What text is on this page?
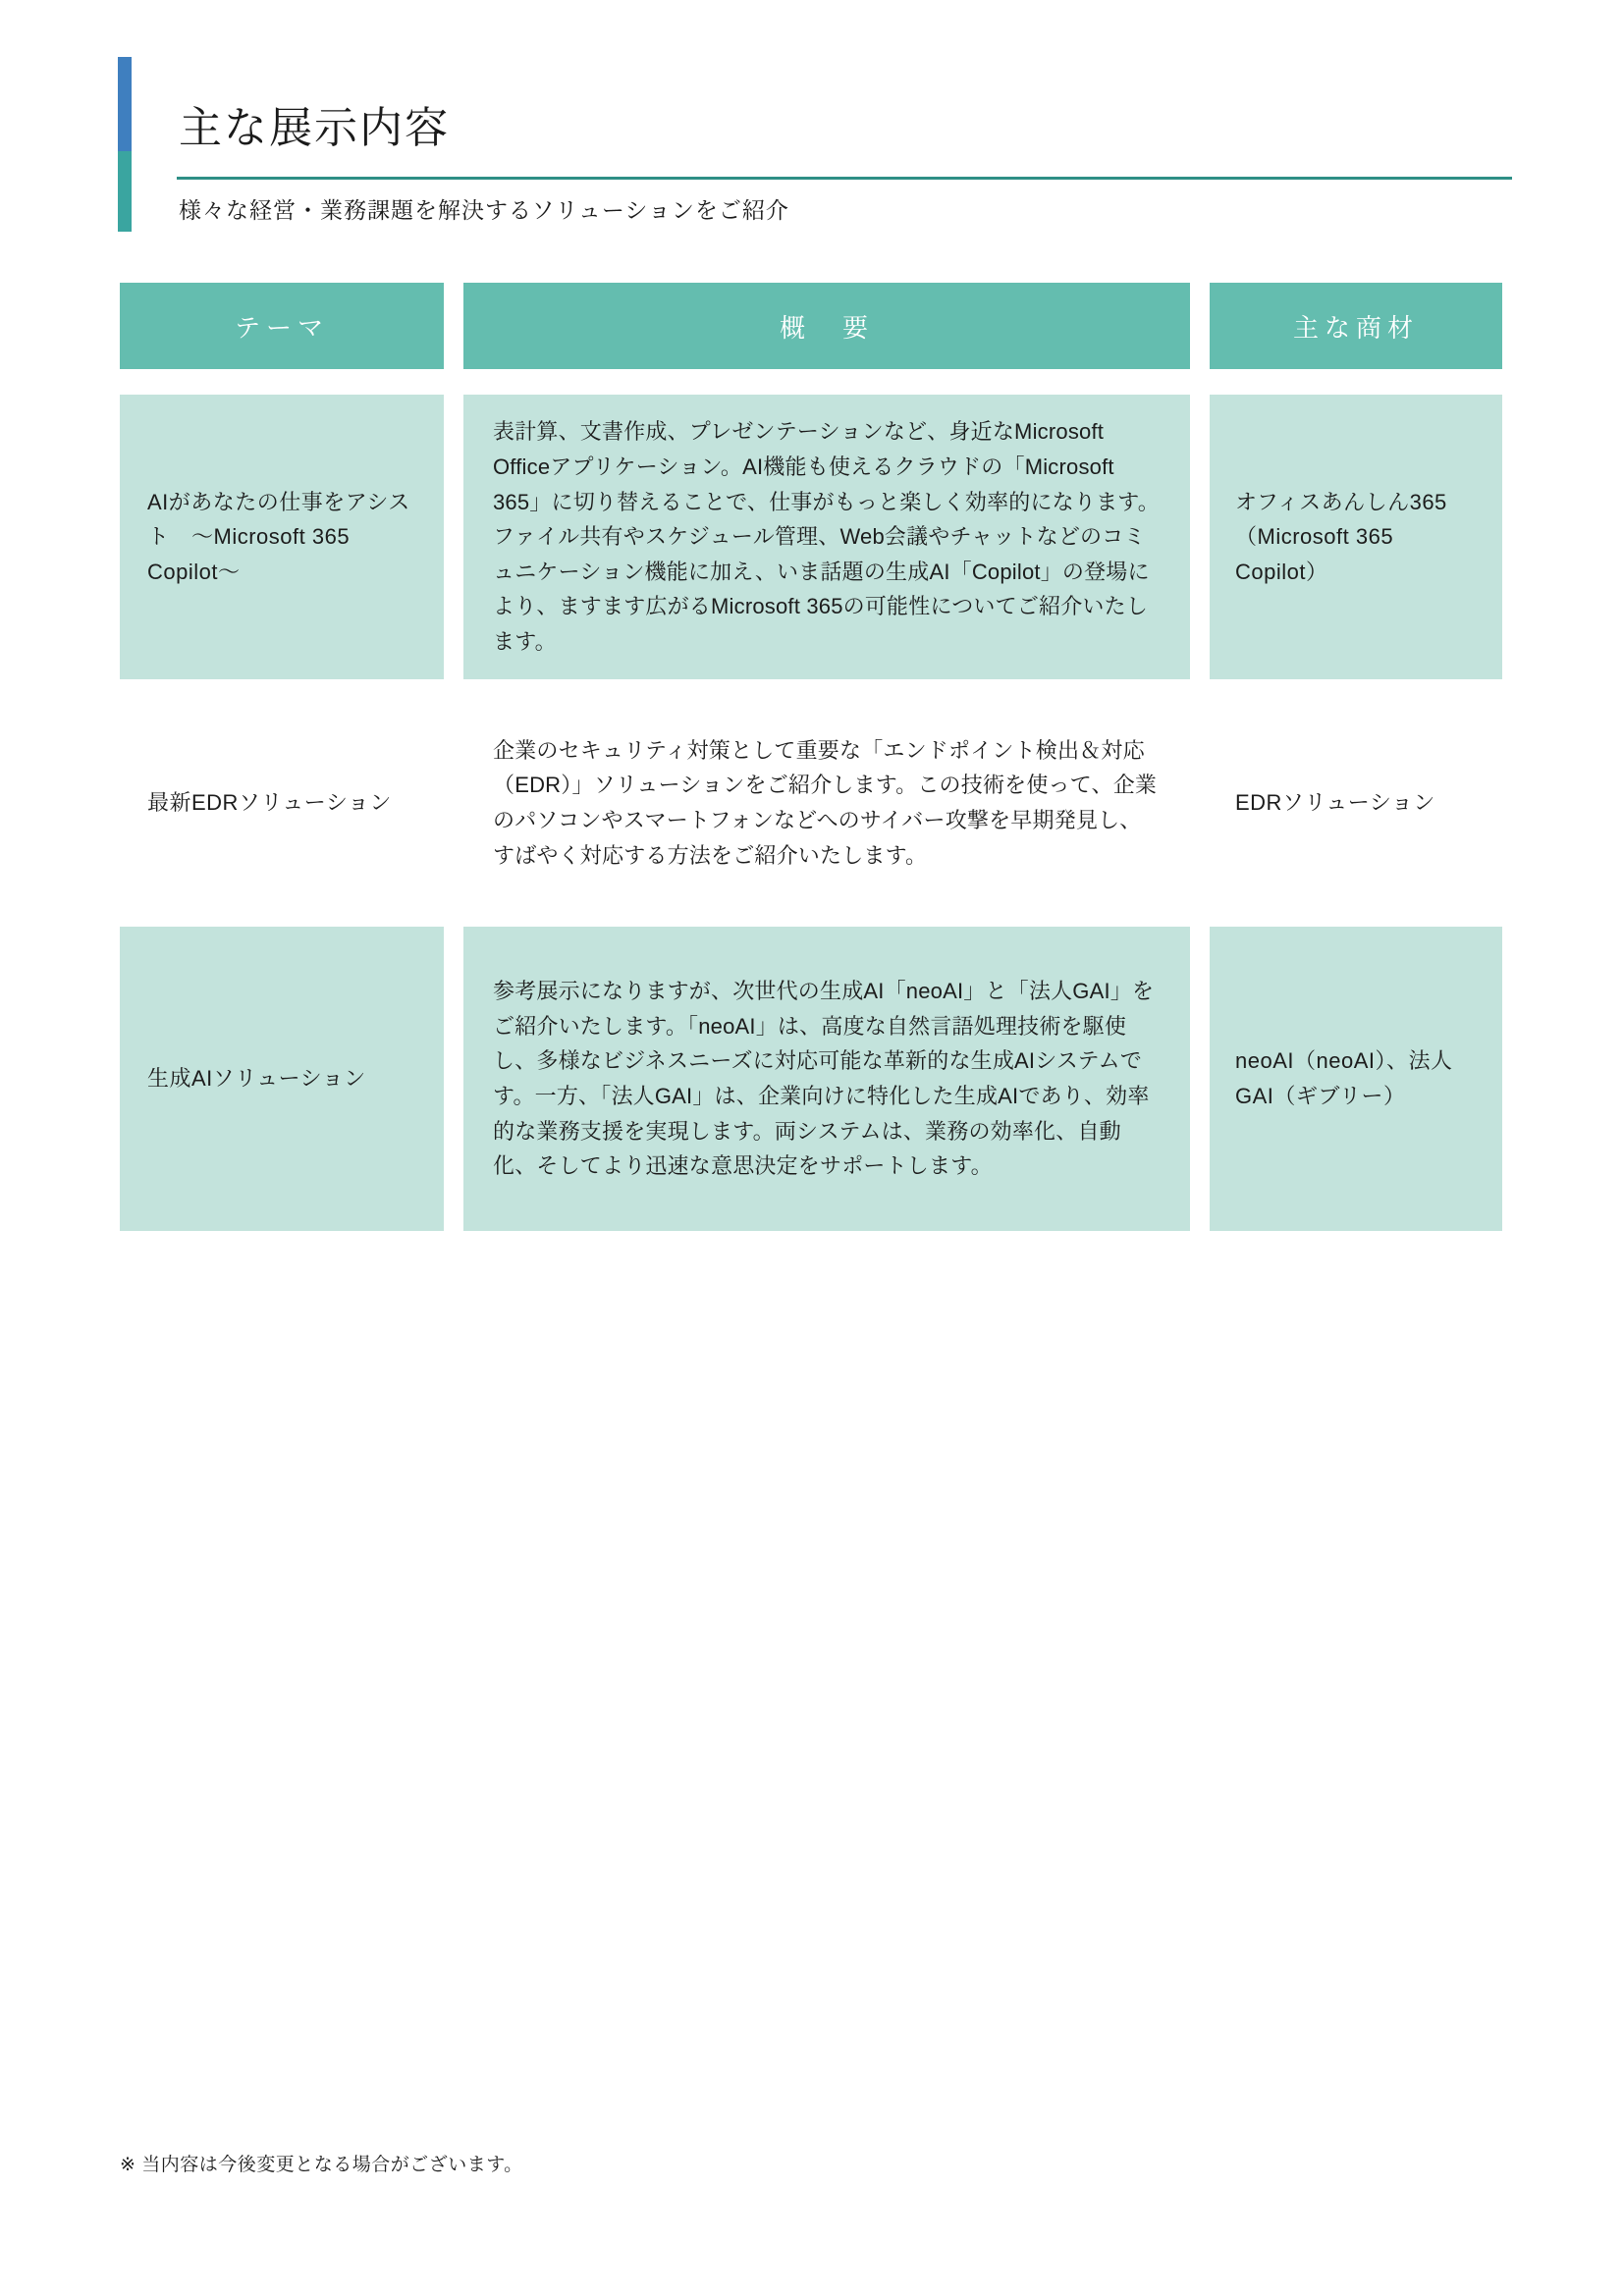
主な展示内容
様々な経営・業務課題を解決するソリューションをご紹介
テーマ	概　要	主な商材
AIがあなたの仕事をアシスト　～Microsoft 365 Copilot～
表計算、文書作成、プレゼンテーションなど、身近なMicrosoft Officeアプリケーション。AI機能も使えるクラウドの「Microsoft 365」に切り替えることで、仕事がもっと楽しく効率的になります。ファイル共有やスケジュール管理、Web会議やチャットなどのコミュニケーション機能に加え、いま話題の生成AI「Copilot」の登場により、ますます広がるMicrosoft 365の可能性についてご紹介いたします。
オフィスあんしん365（Microsoft 365 Copilot）
最新EDRソリューション
企業のセキュリティ対策として重要な「エンドポイント検出＆対応（EDR）」ソリューションをご紹介します。この技術を使って、企業のパソコンやスマートフォンなどへのサイバー攻撃を早期発見し、すばやく対応する方法をご紹介いたします。
EDRソリューション
生成AIソリューション
参考展示になりますが、次世代の生成AI「neoAI」と「法人GAI」をご紹介いたします。「neoAI」は、高度な自然言語処理技術を駆使し、多様なビジネスニーズに対応可能な革新的な生成AIシステムです。一方、「法人GAI」は、企業向けに特化した生成AIであり、効率的な業務支援を実現します。両システムは、業務の効率化、自動化、そしてより迅速な意思決定をサポートします。
neoAI（neoAI）、法人GAI（ギブリー）
※ 当内容は今後変更となる場合がございます。
